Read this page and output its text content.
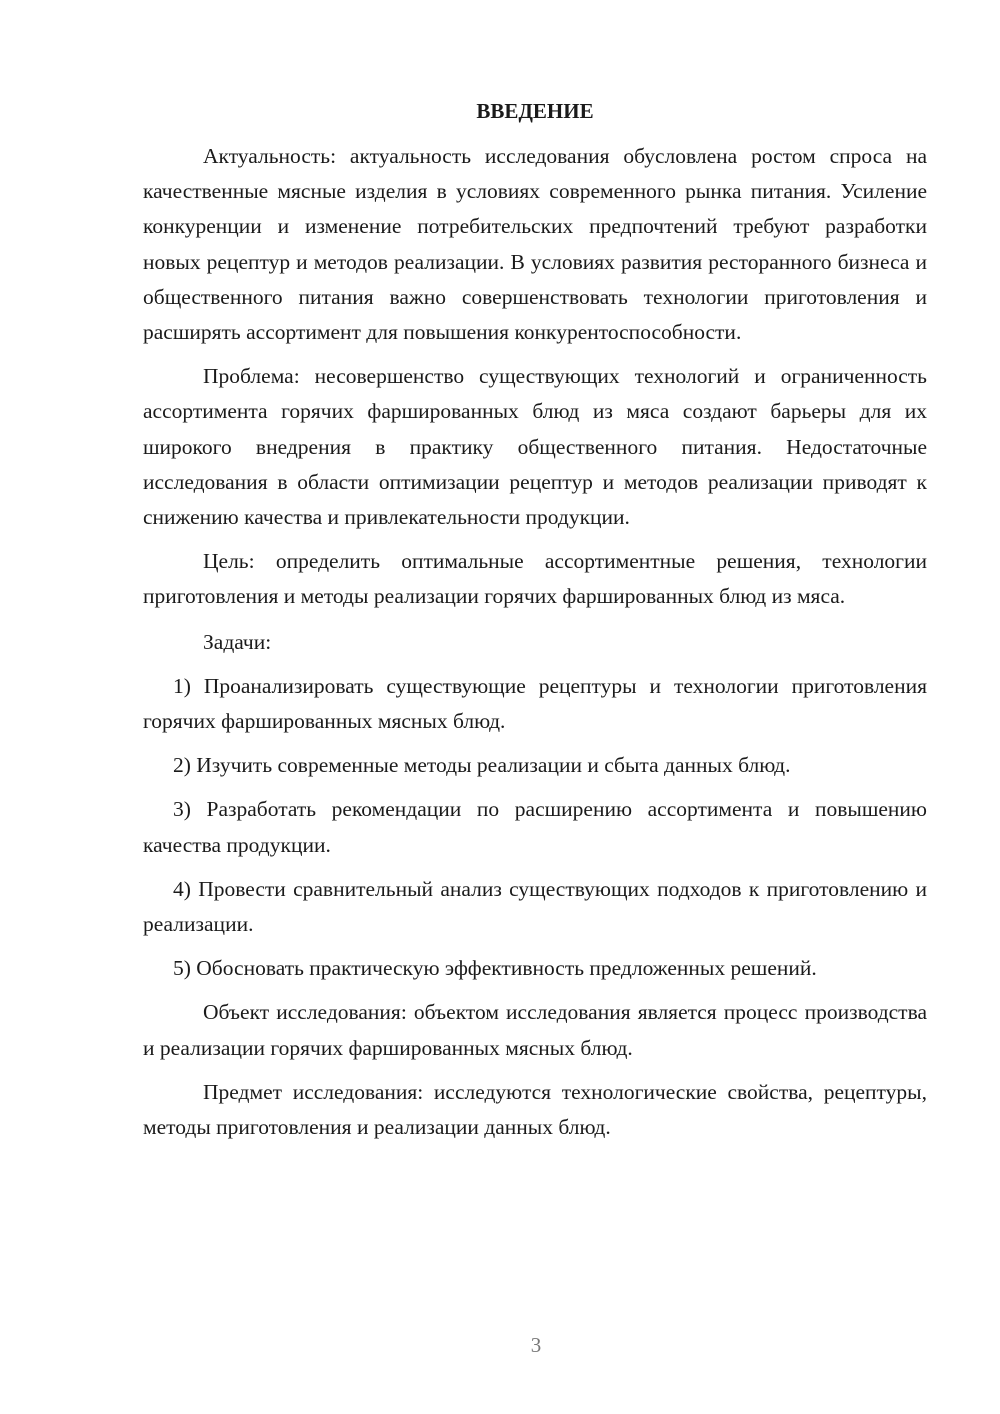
ВВЕДЕНИЕ

Актуальность: актуальность исследования обусловлена ростом спроса на качественные мясные изделия в условиях современного рынка питания. Усиление конкуренции и изменение потребительских предпочтений требуют разработки новых рецептур и методов реализации. В условиях развития ресторанного бизнеса и общественного питания важно совершенствовать технологии приготовления и расширять ассортимент для повышения конкурентоспособности.

Проблема: несовершенство существующих технологий и ограниченность ассортимента горячих фаршированных блюд из мяса создают барьеры для их широкого внедрения в практику общественного питания. Недостаточные исследования в области оптимизации рецептур и методов реализации приводят к снижению качества и привлекательности продукции.

Цель: определить оптимальные ассортиментные решения, технологии приготовления и методы реализации горячих фаршированных блюд из мяса.

Задачи:

1) Проанализировать существующие рецептуры и технологии приготовления горячих фаршированных мясных блюд.

2) Изучить современные методы реализации и сбыта данных блюд.

3) Разработать рекомендации по расширению ассортимента и повышению качества продукции.

4) Провести сравнительный анализ существующих подходов к приготовлению и реализации.

5) Обосновать практическую эффективность предложенных решений.

Объект исследования: объектом исследования является процесс производства и реализации горячих фаршированных мясных блюд.

Предмет исследования: исследуются технологические свойства, рецептуры, методы приготовления и реализации данных блюд.

3
